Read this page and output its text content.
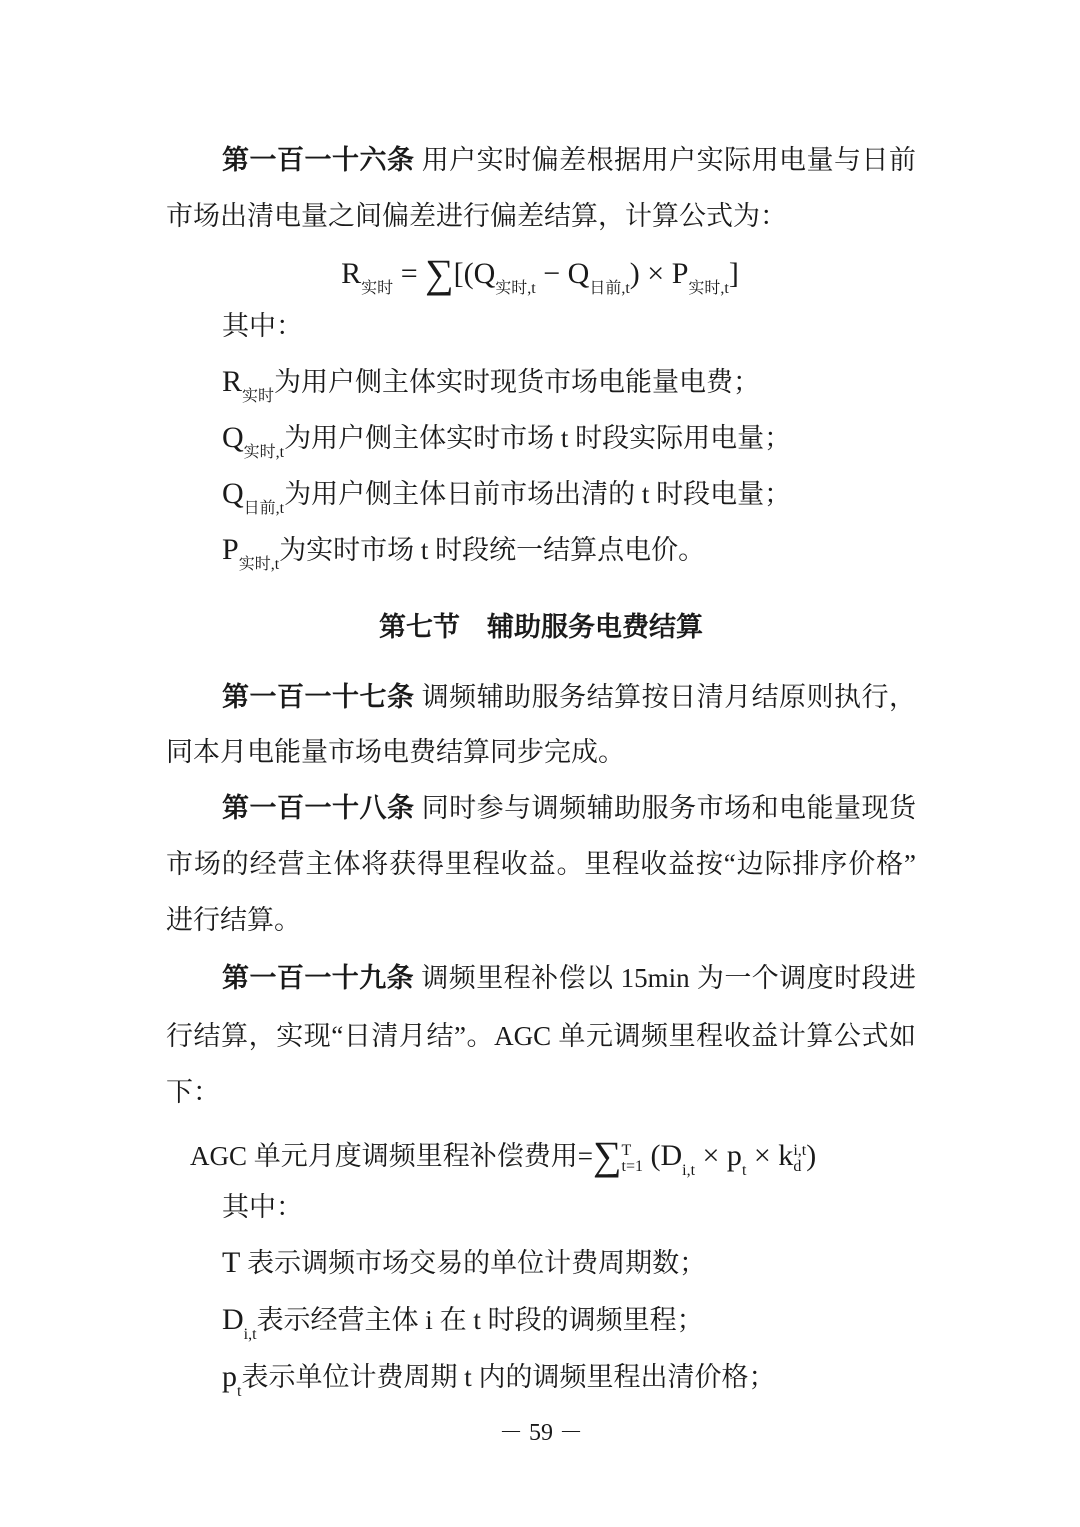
第一百一十六条 用户实时偏差根据用户实际用电量与日前
市场出清电量之间偏差进行偏差结算，计算公式为：
$R_{实时} = \sum[(Q_{实时,t} - Q_{日前,t}) \times P_{实时,t}]$
其中：
$R_{实时}$为用户侧主体实时现货市场电能量电费；
$Q_{实时,t}$为用户侧主体实时市场 t 时段实际用电量；
$Q_{日前,t}$为用户侧主体日前市场出清的 t 时段电量；
$P_{实时,t}$为实时市场 t 时段统一结算点电价。
第七节　辅助服务电费结算
第一百一十七条 调频辅助服务结算按日清月结原则执行，
同本月电能量市场电费结算同步完成。
第一百一十八条 同时参与调频辅助服务市场和电能量现货
市场的经营主体将获得里程收益。里程收益按“边际排序价格”
进行结算。
第一百一十九条 调频里程补偿以 15min 为一个调度时段进
行结算，实现“日清月结”。AGC 单元调频里程收益计算公式如
下：
AGC 单元月度调频里程补偿费用=∑T
t=1 ($D_{i,t} \times p_t \times ki,t$
d )
其中：
T 表示调频市场交易的单位计费周期数；
$D_{i,t}$表示经营主体 i 在 t 时段的调频里程；
$p_t$表示单位计费周期 t 内的调频里程出清价格；
－ 59 －
